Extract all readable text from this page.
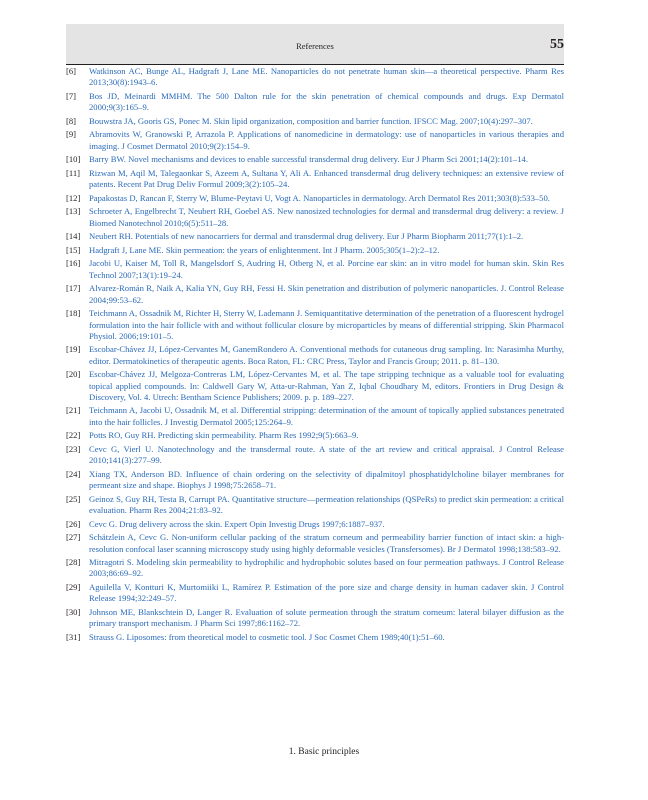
References	55
[6]	Watkinson AC, Bunge AL, Hadgraft J, Lane ME. Nanoparticles do not penetrate human skin—a theoretical perspective. Pharm Res 2013;30(8):1943–6.
[7]	Bos JD, Meinardi MMHM. The 500 Dalton rule for the skin penetration of chemical compounds and drugs. Exp Dermatol 2000;9(3):165–9.
[8]	Bouwstra JA, Gooris GS, Ponec M. Skin lipid organization, composition and barrier function. IFSCC Mag. 2007;10(4):297–307.
[9]	Abramovits W, Granowski P, Arrazola P. Applications of nanomedicine in dermatology: use of nanoparticles in various therapies and imaging. J Cosmet Dermatol 2010;9(2):154–9.
[10]	Barry BW. Novel mechanisms and devices to enable successful transdermal drug delivery. Eur J Pharm Sci 2001;14(2):101–14.
[11]	Rizwan M, Aqil M, Talegaonkar S, Azeem A, Sultana Y, Ali A. Enhanced transdermal drug delivery techniques: an extensive review of patents. Recent Pat Drug Deliv Formul 2009;3(2):105–24.
[12]	Papakostas D, Rancan F, Sterry W, Blume-Peytavi U, Vogt A. Nanoparticles in dermatology. Arch Dermatol Res 2011;303(8):533–50.
[13]	Schroeter A, Engelbrecht T, Neubert RH, Goebel AS. New nanosized technologies for dermal and transdermal drug delivery: a review. J Biomed Nanotechnol 2010;6(5):511–28.
[14]	Neubert RH. Potentials of new nanocarriers for dermal and transdermal drug delivery. Eur J Pharm Biopharm 2011;77(1):1–2.
[15]	Hadgraft J, Lane ME. Skin permeation: the years of enlightenment. Int J Pharm. 2005;305(1–2):2–12.
[16]	Jacobi U, Kaiser M, Toll R, Mangelsdorf S, Audring H, Otberg N, et al. Porcine ear skin: an in vitro model for human skin. Skin Res Technol 2007;13(1):19–24.
[17]	Alvarez-Román R, Naik A, Kalia YN, Guy RH, Fessi H. Skin penetration and distribution of polymeric nanoparticles. J. Control Release 2004;99:53–62.
[18]	Teichmann A, Ossadnik M, Richter H, Sterry W, Lademann J. Semiquantitative determination of the penetration of a fluorescent hydrogel formulation into the hair follicle with and without follicular closure by microparticles by means of differential stripping. Skin Pharmacol Physiol. 2006;19:101–5.
[19]	Escobar-Chávez JJ, López-Cervantes M, GanemRondero A. Conventional methods for cutaneous drug sampling. In: Narasimha Murthy, editor. Dermatokinetics of therapeutic agents. Boca Raton, FL: CRC Press, Taylor and Francis Group; 2011. p. 81–130.
[20]	Escobar-Chávez JJ, Melgoza-Contreras LM, López-Cervantes M, et al. The tape stripping technique as a valuable tool for evaluating topical applied compounds. In: Caldwell Gary W, Atta-ur-Rahman, Yan Z, Iqbal Choudhary M, editors. Frontiers in Drug Design & Discovery, Vol. 4. Utrech: Bentham Science Publishers; 2009. p. p. 189–227.
[21]	Teichmann A, Jacobi U, Ossadnik M, et al. Differential stripping: determination of the amount of topically applied substances penetrated into the hair follicles. J Investig Dermatol 2005;125:264–9.
[22]	Potts RO, Guy RH. Predicting skin permeability. Pharm Res 1992;9(5):663–9.
[23]	Cevc G, Vierl U. Nanotechnology and the transdermal route. A state of the art review and critical appraisal. J Control Release 2010;141(3):277–99.
[24]	Xiang TX, Anderson BD. Influence of chain ordering on the selectivity of dipalmitoyl phosphatidylcholine bilayer membranes for permeant size and shape. Biophys J 1998;75:2658–71.
[25]	Geinoz S, Guy RH, Testa B, Carrupt PA. Quantitative structure—permeation relationships (QSPeRs) to predict skin permeation: a critical evaluation. Pharm Res 2004;21:83–92.
[26]	Cevc G. Drug delivery across the skin. Expert Opin Investig Drugs 1997;6:1887–937.
[27]	Schätzlein A, Cevc G. Non-uniform cellular packing of the stratum corneum and permeability barrier function of intact skin: a high-resolution confocal laser scanning microscopy study using highly deformable vesicles (Transfersomes). Br J Dermatol 1998;138:583–92.
[28]	Mitragotri S. Modeling skin permeability to hydrophilic and hydrophobic solutes based on four permeation pathways. J Control Release 2003;86:69–92.
[29]	Aguilella V, Kontturi K, Murtomiiki L, Ramírez P. Estimation of the pore size and charge density in human cadaver skin. J Control Release 1994;32:249–57.
[30]	Johnson ME, Blankschtein D, Langer R. Evaluation of solute permeation through the stratum corneum: lateral bilayer diffusion as the primary transport mechanism. J Pharm Sci 1997;86:1162–72.
[31]	Strauss G. Liposomes: from theoretical model to cosmetic tool. J Soc Cosmet Chem 1989;40(1):51–60.
1. Basic principles
